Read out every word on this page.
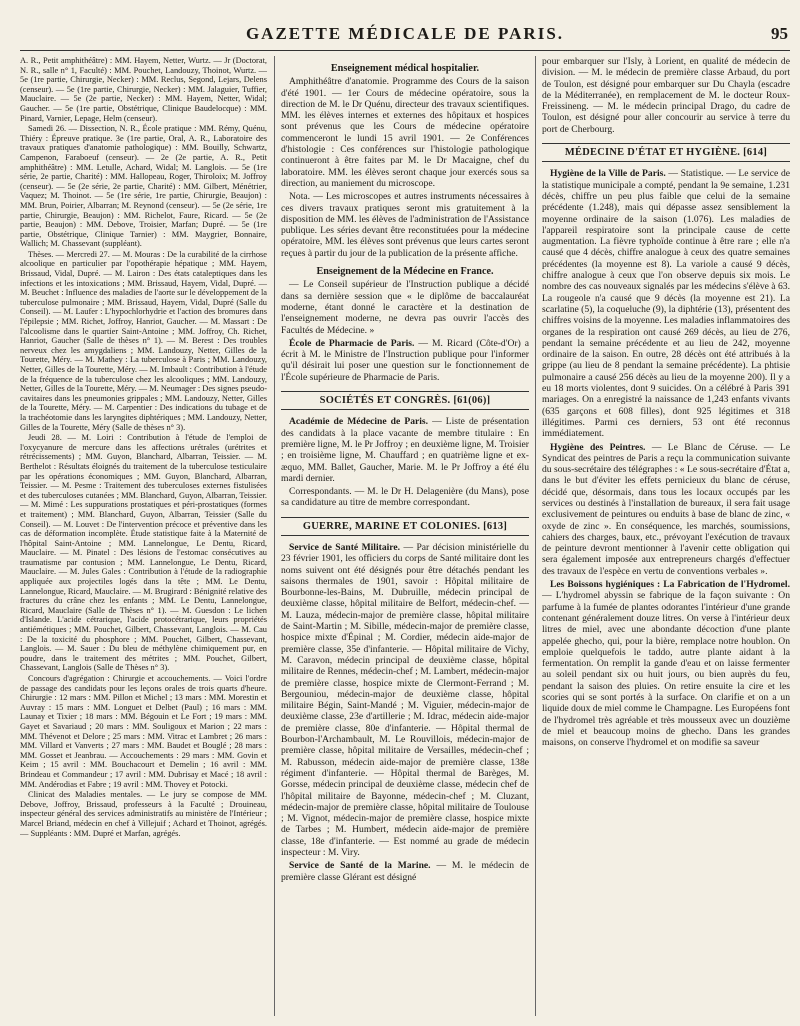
GAZETTE MÉDICALE DE PARIS.	95

A. R., Petit amphithéâtre) : MM. Hayem, Netter, Wurtz. — Jr (Doctorat, N. R., salle n° 1, Faculté) : MM. Pouchet, Landouzy, Thoinot, Wurtz. — 5e (1re partie, Chirurgie, Necker) : MM. Reclus, Segond, Lejars, Delens (censeur). — 5e (1re partie, Chirurgie, Necker) : MM. Jalaguier, Tuffier, Mauclaire. — 5e (2e partie, Necker) : MM. Hayem, Netter, Widal; Gaucher. — 5e (1re partie, Obstétrique, Clinique Baudelocque) : MM. Pinard, Varnier, Lepage, Helm (censeur).

Samedi 26. — Dissection, N. R., École pratique : MM. Rémy, Quénu, Thiéry : Épreuve pratique. 3e (1re partie, Oral, A. R., Laboratoire des travaux pratiques d'anatomie pathologique) : MM. Bouilly, Schwartz, Campenon, Faraboeuf (censeur). — 2e (2e partie, A. R., Petit amphithéâtre) : MM. Letulle, Achard, Widal; M. Langlois. — 5e (1re série, 2e partie, Charité) : MM. Hallopeau, Roger, Thiroloix; M. Joffroy (censeur). — 5e (2e série, 2e partie, Charité) : MM. Gilbert, Ménétrier, Vaquez; M. Thoinot. — 5e (1re série, 1re partie, Chirurgie, Beaujon) : MM. Brun, Poirier, Albarran; M. Reynond (censeur). — 5e (2e série, 1re partie, Chirurgie, Beaujon) : MM. Richelot, Faure, Ricard. — 5e (2e partie, Beaujon) : MM. Debove, Troisier, Marfan; Dupré. — 5e (1re partie, Obstétrique, Clinique Tarnier) : MM. Maygrier, Bonnaire, Wallich; M. Chassevant (suppléant).

Thèses. — Mercredi 27. — M. Mouras : De la curabilité de la cirrhose alcoolique en particulier par l'opothérapie hépatique ; MM. Hayem, Brissaud, Vidal, Dupré. — M. Lairon : Des états cataleptiques dans les infections et les intoxications ; MM. Brissaud, Hayem, Vidal, Dupré. — M. Beuchet : Influence des maladies de l'aorte sur le développement de la tuberculose pulmonaire ; MM. Brissaud, Hayem, Vidal, Dupré (Salle du Conseil). — M. Laufer : L'hypochlorhydrie et l'action des bromures dans l'épilepsie ; MM. Richet, Joffroy, Hanriot, Gaucher. — M. Massart : De l'alcoolisme dans le quartier Saint-Antoine ; MM. Joffroy, Ch. Richet, Hanriot, Gaucher (Salle de thèses n° 1). — M. Berest : Des troubles nerveux chez les amygdaliens ; MM. Landouzy, Netter, Gilles de la Tourette, Méry. — M. Mathey : La tuberculose à Paris ; MM. Landouzy, Netter, Gilles de la Tourette, Méry. — M. Imbault : Contribution à l'étude de la fréquence de la tuberculose chez les alcooliques ; MM. Landouzy, Netter, Gilles de la Tourette, Méry. — M. Neumager : Des signes pseudo-cavitaires dans les pneumonies grippales ; MM. Landouzy, Netter, Gilles de la Tourette, Méry. — M. Carpentier : Des indications du tubage et de la trachéotomie dans les laryngites diphtériques ; MM. Landouzy, Netter, Gilles de la Tourette, Méry (Salle de thèses n° 3).

Jeudi 28. — M. Loiri : Contribution à l'étude de l'emploi de l'oxycyanure de mercure dans les affections urétrales (urétrites et rétrécissements) ; MM. Guyon, Blanchard, Albarran, Teissier. — M. Berthelot : Résultats éloignés du traitement de la tuberculose testiculaire par les opérations économiques ; MM. Guyon, Blanchard, Albarran, Teissier. — M. Pesme : Traitement des tuberculoses externes fistulisées et des tuberculoses cutanées ; MM. Blanchard, Guyon, Albarran, Teissier. — M. Mimé : Les suppurations prostatiques et péri-prostatiques (formes et traitement) ; MM. Blanchard, Guyon, Albarran, Teissier (Salle du Conseil). — M. Louvet : De l'intervention précoce et préventive dans les cas de déformation incomplète. Étude statistique faite à la Maternité de l'hôpital Saint-Antoine ; MM. Lannelongue, Le Dentu, Ricard, Mauclaire. — M. Pinatel : Des lésions de l'estomac consécutives au traumatisme par contusion ; MM. Lannelongue, Le Dentu, Ricard, Mauclaire. — M. Jules Gales : Contribution à l'étude de la radiographie appliquée aux projectiles logés dans la tête ; MM. Le Dentu, Lannelongue, Ricard, Mauclaire. — M. Brugirard : Bénignité relative des fractures du crâne chez les enfants ; MM. Le Dentu, Lannelongue, Ricard, Mauclaire (Salle de Thèses n° 1). — M. Guesdon : Le lichen d'Islande. L'acide cétrarique, l'acide protocétrarique, leurs propriétés antiémétiques ; MM. Pouchet, Gilbert, Chassevant, Langlois. — M. Cau : De la toxicité du phosphore ; MM. Pouchet, Gilbert, Chassevant, Langlois. — M. Sauer : Du bleu de méthylène chimiquement pur, en poudre, dans le traitement des métrites ; MM. Pouchet, Gilbert, Chassevant, Langlois (Salle de Thèses n° 3).

Concours d'agrégation : Chirurgie et accouchements. — Voici l'ordre de passage des candidats pour les leçons orales de trois quarts d'heure. Chirurgie : 12 mars : MM. Pillon et Michel ; 13 mars : MM. Morestin et Auvray : 15 mars : MM. Longuet et Delbet (Paul) ; 16 mars : MM. Launay et Tixier ; 18 mars : MM. Bégouin et Le Fort ; 19 mars : MM. Gayet et Savariaud ; 20 mars : MM. Souligoux et Marion ; 22 mars : MM. Thévenot et Delore ; 25 mars : MM. Vitrac et Lambret ; 26 mars : MM. Villard et Vanverts ; 27 mars : MM. Baudet et Bouglé ; 28 mars : MM. Gosset et Jeanbrau. — Accouchements : 29 mars : MM. Govin et Keim ; 15 avril : MM. Bouchacourt et Demelin ; 16 avril : MM. Brindeau et Commandeur ; 17 avril : MM. Dubrisay et Macé ; 18 avril : MM. Andérodias et Fabre ; 19 avril : MM. Thovey et Potocki.

Clinicat des Maladies mentales. — Le jury se compose de MM. Debove, Joffroy, Brissaud, professeurs à la Faculté ; Drouineau, inspecteur général des services administratifs au ministère de l'Intérieur ; Marcel Briand, médecin en chef à Villejuif ; Achard et Thoinot, agrégés. — Suppléants : MM. Dupré et Marfan, agrégés.

Enseignement médical hospitalier.

Amphithéâtre d'anatomie. Programme des Cours de la saison d'été 1901. — 1er Cours de médecine opératoire, sous la direction de M. le Dr Quénu, directeur des travaux scientifiques. MM. les élèves internes et externes des hôpitaux et hospices sont prévenus que les Cours de médecine opératoire commenceront le lundi 15 avril 1901. — 2e Conférences d'histologie : Ces conférences sur l'histologie pathologique continueront à être faites par M. le Dr Macaigne, chef du laboratoire. MM. les élèves seront chaque jour exercés sous sa direction, au maniement du microscope.

Nota. — Les microscopes et autres instruments nécessaires à ces divers travaux pratiques seront mis gratuitement à la disposition de MM. les élèves de l'administration de l'Assistance publique. Les séries devant être reconstituées pour la médecine opératoire, MM. les élèves sont prévenus que leurs cartes seront reçues à partir du jour de la publication de la présente affiche.

Enseignement de la Médecine en France.

— Le Conseil supérieur de l'Instruction publique a décidé dans sa dernière session que « le diplôme de baccalauréat moderne, étant donné le caractère et la destination de l'enseignement moderne, ne devra pas ouvrir l'accès des Facultés de Médecine. »

École de Pharmacie de Paris. — M. Ricard (Côte-d'Or) a écrit à M. le Ministre de l'Instruction publique pour l'informer qu'il désirait lui poser une question sur le fonctionnement de l'École supérieure de Pharmacie de Paris.

SOCIÉTÉS ET CONGRÈS. [61(06)]

Académie de Médecine de Paris. — Liste de présentation des candidats à la place vacante de membre titulaire : En première ligne, M. le Pr Joffroy ; en deuxième ligne, M. Troisier ; en troisième ligne, M. Chauffard ; en quatrième ligne et ex-æquo, MM. Ballet, Gaucher, Marie. M. le Pr Joffroy a été élu mardi dernier.

Correspondants. — M. le Dr H. Delagenière (du Mans), pose sa candidature au titre de membre correspondant.

GUERRE, MARINE ET COLONIES. [613]

Service de Santé Militaire. — Par décision ministérielle du 23 février 1901, les officiers du corps de Santé militaire dont les noms suivent ont été désignés pour être détachés pendant les saisons thermales de 1901, savoir : Hôpital militaire de Bourbonne-les-Bains, M. Dubruille, médecin principal de deuxième classe, hôpital militaire de Belfort, médecin-chef. — M. Lauza, médecin-major de première classe, hôpital militaire de Saint-Martin ; M. Sibille, médecin-major de première classe, hospice mixte d'Épinal ; M. Cordier, médecin aide-major de première classe, 35e d'infanterie. — Hôpital militaire de Vichy, M. Caravon, médecin principal de deuxième classe, hôpital militaire de Rennes, médecin-chef ; M. Lambert, médecin-major de première classe, hospice mixte de Clermont-Ferrand ; M. Bergouniou, médecin-major de deuxième classe, hôpital militaire Bégin, Saint-Mandé ; M. Viguier, médecin-major de deuxième classe, 23e d'artillerie ; M. Idrac, médecin aide-major de première classe, 80e d'infanterie. — Hôpital thermal de Bourbon-l'Archambault, M. Le Rouvillois, médecin-major de première classe, hôpital militaire de Versailles, médecin-chef ; M. Rabusson, médecin aide-major de première classe, 138e régiment d'infanterie. — Hôpital thermal de Barèges, M. Gorsse, médecin principal de deuxième classe, médecin chef de l'hôpital militaire de Bayonne, médecin-chef ; M. Cluzant, médecin-major de première classe, hôpital militaire de Toulouse ; M. Vignot, médecin-major de première classe, hospice mixte de Tarbes ; M. Humbert, médecin aide-major de première classe, 18e d'infanterie. — Est nommé au grade de médecin inspecteur : M. Viry.

Service de Santé de la Marine. — M. le médecin de première classe Glérant est désigné

pour embarquer sur l'Isly, à Lorient, en qualité de médecin de division. — M. le médecin de première classe Arbaud, du port de Toulon, est désigné pour embarquer sur Du Chayla (escadre de la Méditerranée), en remplacement de M. le docteur Roux-Freissineng. — M. le médecin principal Drago, du cadre de Toulon, est désigné pour aller concourir au service à terre du port de Cherbourg.

MÉDECINE D'ÉTAT ET HYGIÈNE. [614]

Hygiène de la Ville de Paris. — Statistique. — Le service de la statistique municipale a compté, pendant la 9e semaine, 1.231 décès, chiffre un peu plus faible que celui de la semaine précédente (1.248), mais qui dépasse assez sensiblement la moyenne ordinaire de la saison (1.076). Les maladies de l'appareil respiratoire sont la principale cause de cette augmentation. La fièvre typhoïde continue à être rare ; elle n'a causé que 4 décès, chiffre analogue à ceux des quatre semaines précédentes (la moyenne est 8). La variole a causé 9 décès, chiffre analogue à ceux que l'on observe depuis six mois. Le nombre des cas nouveaux signalés par les médecins s'élève à 63. La rougeole n'a causé que 9 décès (la moyenne est 21). La scarlatine (5), la coqueluche (9), la diphtérie (13), présentent des chiffres voisins de la moyenne. Les maladies inflammatoires des organes de la respiration ont causé 269 décès, au lieu de 276, pendant la semaine précédente et au lieu de 242, moyenne ordinaire de la saison. En outre, 28 décès ont été attribués à la grippe (au lieu de 8 pendant la semaine précédente). La phtisie pulmonaire a causé 256 décès au lieu de la moyenne 200). Il y a eu 18 morts violentes, dont 9 suicides. On a célébré à Paris 391 mariages. On a enregistré la naissance de 1,243 enfants vivants (635 garçons et 608 filles), dont 925 légitimes et 318 illégitimes. Parmi ces derniers, 53 ont été reconnus immédiatement.

Hygiène des Peintres. — Le Blanc de Céruse. — Le Syndicat des peintres de Paris a reçu la communication suivante du sous-secrétaire des télégraphes : « Le sous-secrétaire d'État a, dans le but d'éviter les effets pernicieux du blanc de céruse, décidé que, désormais, dans tous les locaux occupés par les services ou destinés à l'installation de bureaux, il sera fait usage exclusivement de peintures ou enduits à base de blanc de zinc, « oxyde de zinc ». En conséquence, les marchés, soumissions, cahiers des charges, baux, etc., prévoyant l'exécution de travaux de peinture devront mentionner à l'avenir cette obligation qui sera également imposée aux entrepreneurs chargés d'effectuer des travaux de l'espèce en vertu de conventions verbales ».

Les Boissons hygiéniques : La Fabrication de l'Hydromel. — L'hydromel abyssin se fabrique de la façon suivante : On parfume à la fumée de plantes odorantes l'intérieur d'une grande contenant généralement douze litres. On verse à l'intérieur deux litres de miel, avec une abondante décoction d'une plante appelée ghecho, qui, pour la bière, remplace notre houblon. On emploie quelquefois le taddo, autre plante aidant à la fermentation. On remplit la gande d'eau et on laisse fermenter au soleil pendant six ou huit jours, ou bien auprès du feu, pendant la saison des pluies. On retire ensuite la cire et les scories qui se sont portés à la surface. On clarifie et on a un liquide doux de miel comme le Champagne. Les Européens font de l'hydromel très agréable et très mousseux avec un douzième de miel et beaucoup moins de ghecho. Dans les grandes maisons, on conserve l'hydromel et on modifie sa saveur
